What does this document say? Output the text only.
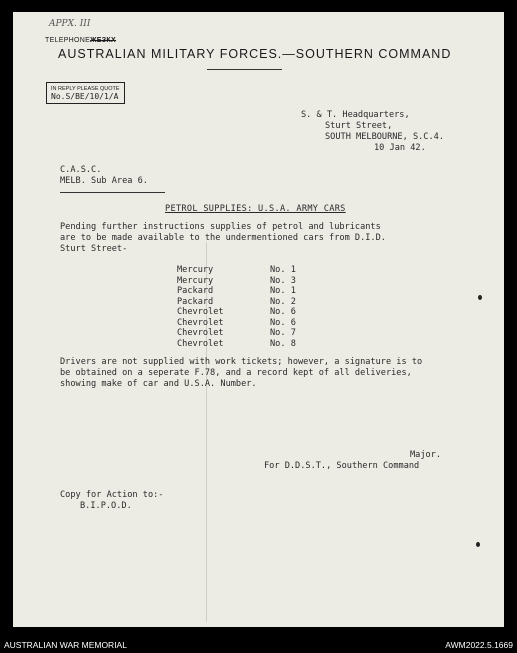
APPX. III
TELEPHONEЖЕЗКХ
AUSTRALIAN MILITARY FORCES.—SOUTHERN COMMAND
IN REPLY PLEASE QUOTE
No.S/BE/10/1/A
S. & T. Headquarters,
Sturt Street,
SOUTH MELBOURNE, S.C.4.
10 Jan 42.
C.A.S.C.
MELB. Sub Area 6.
PETROL SUPPLIES: U.S.A. ARMY CARS
Pending further instructions supplies of petrol and lubricants
are to be made available to the undermentioned cars from D.I.D.
Sturt Street-
Mercury	No. 1
Mercury	No. 3
Packard	No. 1
Packard	No. 2
Chevrolet	No. 6
Chevrolet	No. 6
Chevrolet	No. 7
Chevrolet	No. 8
Drivers are not supplied with work tickets; however, a signature is to
be obtained on a seperate F.78, and a record kept of all deliveries,
showing make of car and U.S.A. Number.
Major.
For D.D.S.T., Southern Command
Copy for Action to:-
B.I.P.O.D.
AUSTRALIAN WAR MEMORIAL	AWM2022.5.1669
